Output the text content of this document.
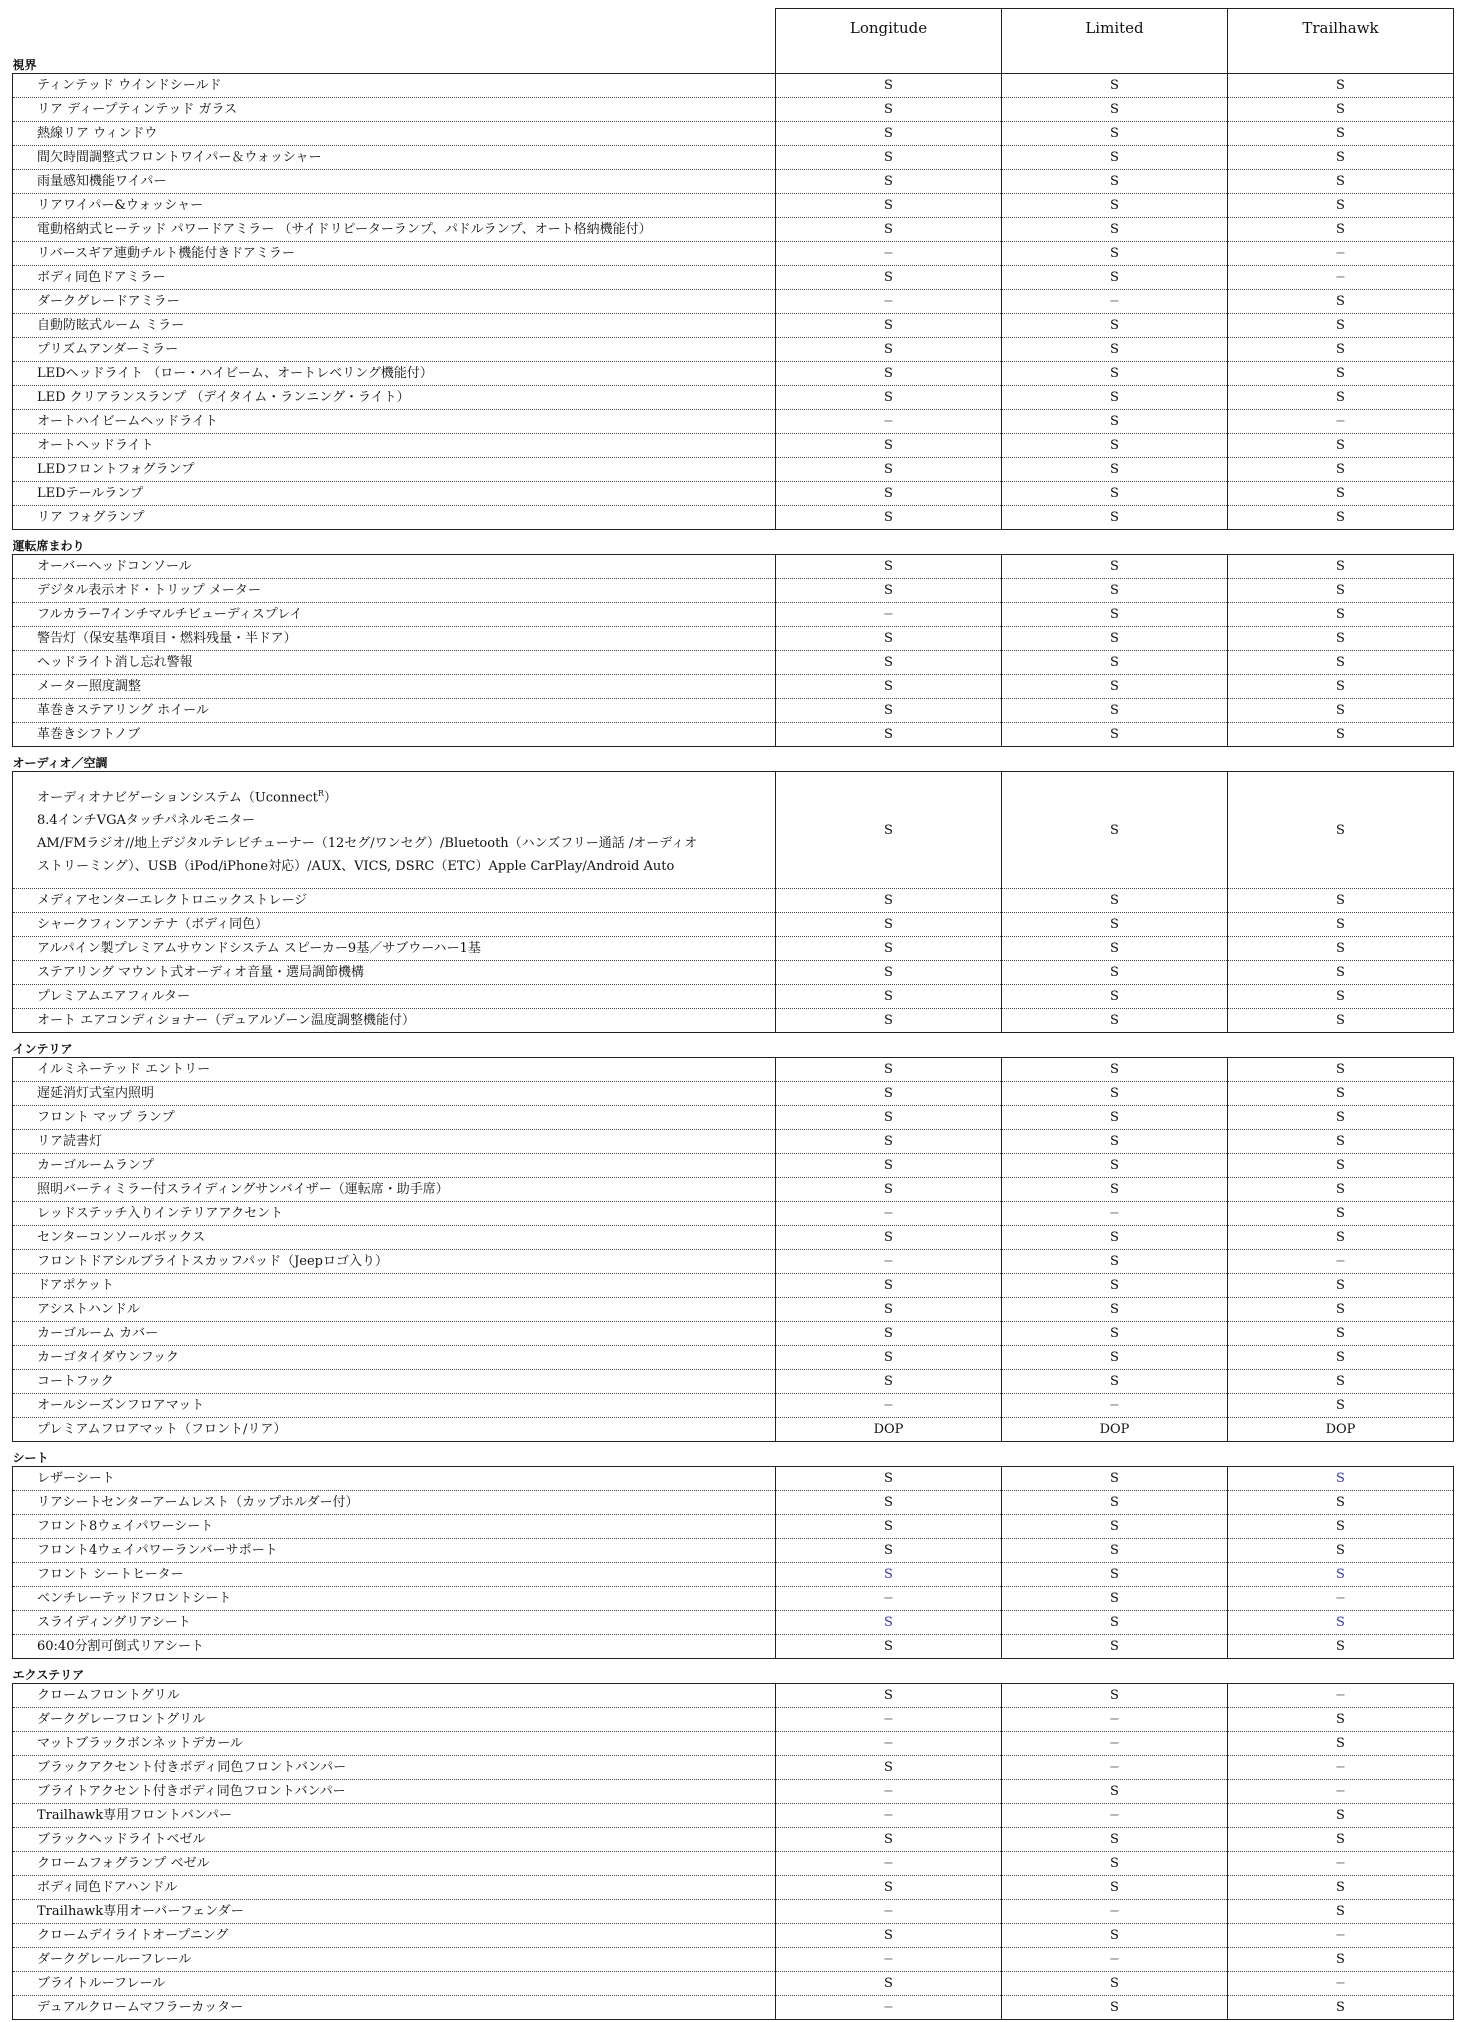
視界	Longitude	Limited	Trailhawk
ティンテッド ウインドシールド	S	S	S
リア ディープティンテッド ガラス	S	S	S
熱線リア ウィンドウ	S	S	S
間欠時間調整式フロントワイパー＆ウォッシャー	S	S	S
雨量感知機能ワイパー	S	S	S
リアワイパー&ウォッシャー	S	S	S
電動格納式ヒーテッド パワードアミラー （サイドリピーターランプ、パドルランプ、オート格納機能付）	S	S	S
リバースギア連動チルト機能付きドアミラー	−	S	−
ボディ同色ドアミラー	S	S	−
ダークグレードアミラー	−	−	S
自動防眩式ルーム ミラー	S	S	S
プリズムアンダーミラー	S	S	S
LEDヘッドライト （ロー・ハイビーム、オートレベリング機能付）	S	S	S
LED クリアランスランプ （デイタイム・ランニング・ライト）	S	S	S
オートハイビームヘッドライト	−	S	−
オートヘッドライト	S	S	S
LEDフロントフォグランプ	S	S	S
LEDテールランプ	S	S	S
リア フォグランプ	S	S	S
運転席まわり			
オーバーヘッドコンソール	S	S	S
デジタル表示オド・トリップ メーター	S	S	S
フルカラー7インチマルチビューディスプレイ	−	S	S
警告灯（保安基準項目・燃料残量・半ドア）	S	S	S
ヘッドライト消し忘れ警報	S	S	S
メーター照度調整	S	S	S
革巻きステアリング ホイール	S	S	S
革巻きシフトノブ	S	S	S
オーディオ／空調			

オーディオナビゲーションシステム（Uconnect$^R$）
8.4インチVGAタッチパネルモニター
AM/FMラジオ//地上デジタルテレビチューナー（12セグ/ワンセグ）/Bluetooth（ハンズフリー通話 /オーディオ
ストリーミング）、USB（iPod/iPhone対応）/AUX、VICS, DSRC（ETC）Apple CarPlay/Android Auto	S	S	S
メディアセンターエレクトロニックストレージ	S	S	S
シャークフィンアンテナ（ボディ同色）	S	S	S
アルパイン製プレミアムサウンドシステム スピーカー9基／サブウーハー1基	S	S	S
ステアリング マウント式オーディオ音量・選局調節機構	S	S	S
プレミアムエアフィルター	S	S	S
オート エアコンディショナー（デュアルゾーン温度調整機能付）	S	S	S
インテリア			
イルミネーテッド エントリー	S	S	S
遅延消灯式室内照明	S	S	S
フロント マップ ランプ	S	S	S
リア読書灯	S	S	S
カーゴルームランプ	S	S	S
照明バーティミラー付スライディングサンバイザー（運転席・助手席）	S	S	S
レッドステッチ入りインテリアアクセント	−	−	S
センターコンソールボックス	S	S	S
フロントドアシルブライトスカッフパッド（Jeepロゴ入り）	−	S	−
ドアポケット	S	S	S
アシストハンドル	S	S	S
カーゴルーム カバー	S	S	S
カーゴタイダウンフック	S	S	S
コートフック	S	S	S
オールシーズンフロアマット	−	−	S
プレミアムフロアマット（フロント/リア）	DOP	DOP	DOP
シート			
レザーシート	S	S	S
リアシートセンターアームレスト（カップホルダー付）	S	S	S
フロント8ウェイパワーシート	S	S	S
フロント4ウェイパワーランバーサポート	S	S	S
フロント シートヒーター	S	S	S
ベンチレーテッドフロントシート	−	S	−
スライディングリアシート	S	S	S
60:40分割可倒式リアシート	S	S	S
エクステリア			
クロームフロントグリル	S	S	−
ダークグレーフロントグリル	−	−	S
マットブラックボンネットデカール	−	−	S
ブラックアクセント付きボディ同色フロントバンパー	S	−	−
ブライトアクセント付きボディ同色フロントバンパー	−	S	−
Trailhawk専用フロントバンパー	−	−	S
ブラックヘッドライトベゼル	S	S	S
クロームフォグランプ ベゼル	−	S	−
ボディ同色ドアハンドル	S	S	S
Trailhawk専用オーバーフェンダー	−	−	S
クロームデイライトオープニング	S	S	−
ダークグレールーフレール	−	−	S
ブライトルーフレール	S	S	−
デュアルクロームマフラーカッター	−	S	S
